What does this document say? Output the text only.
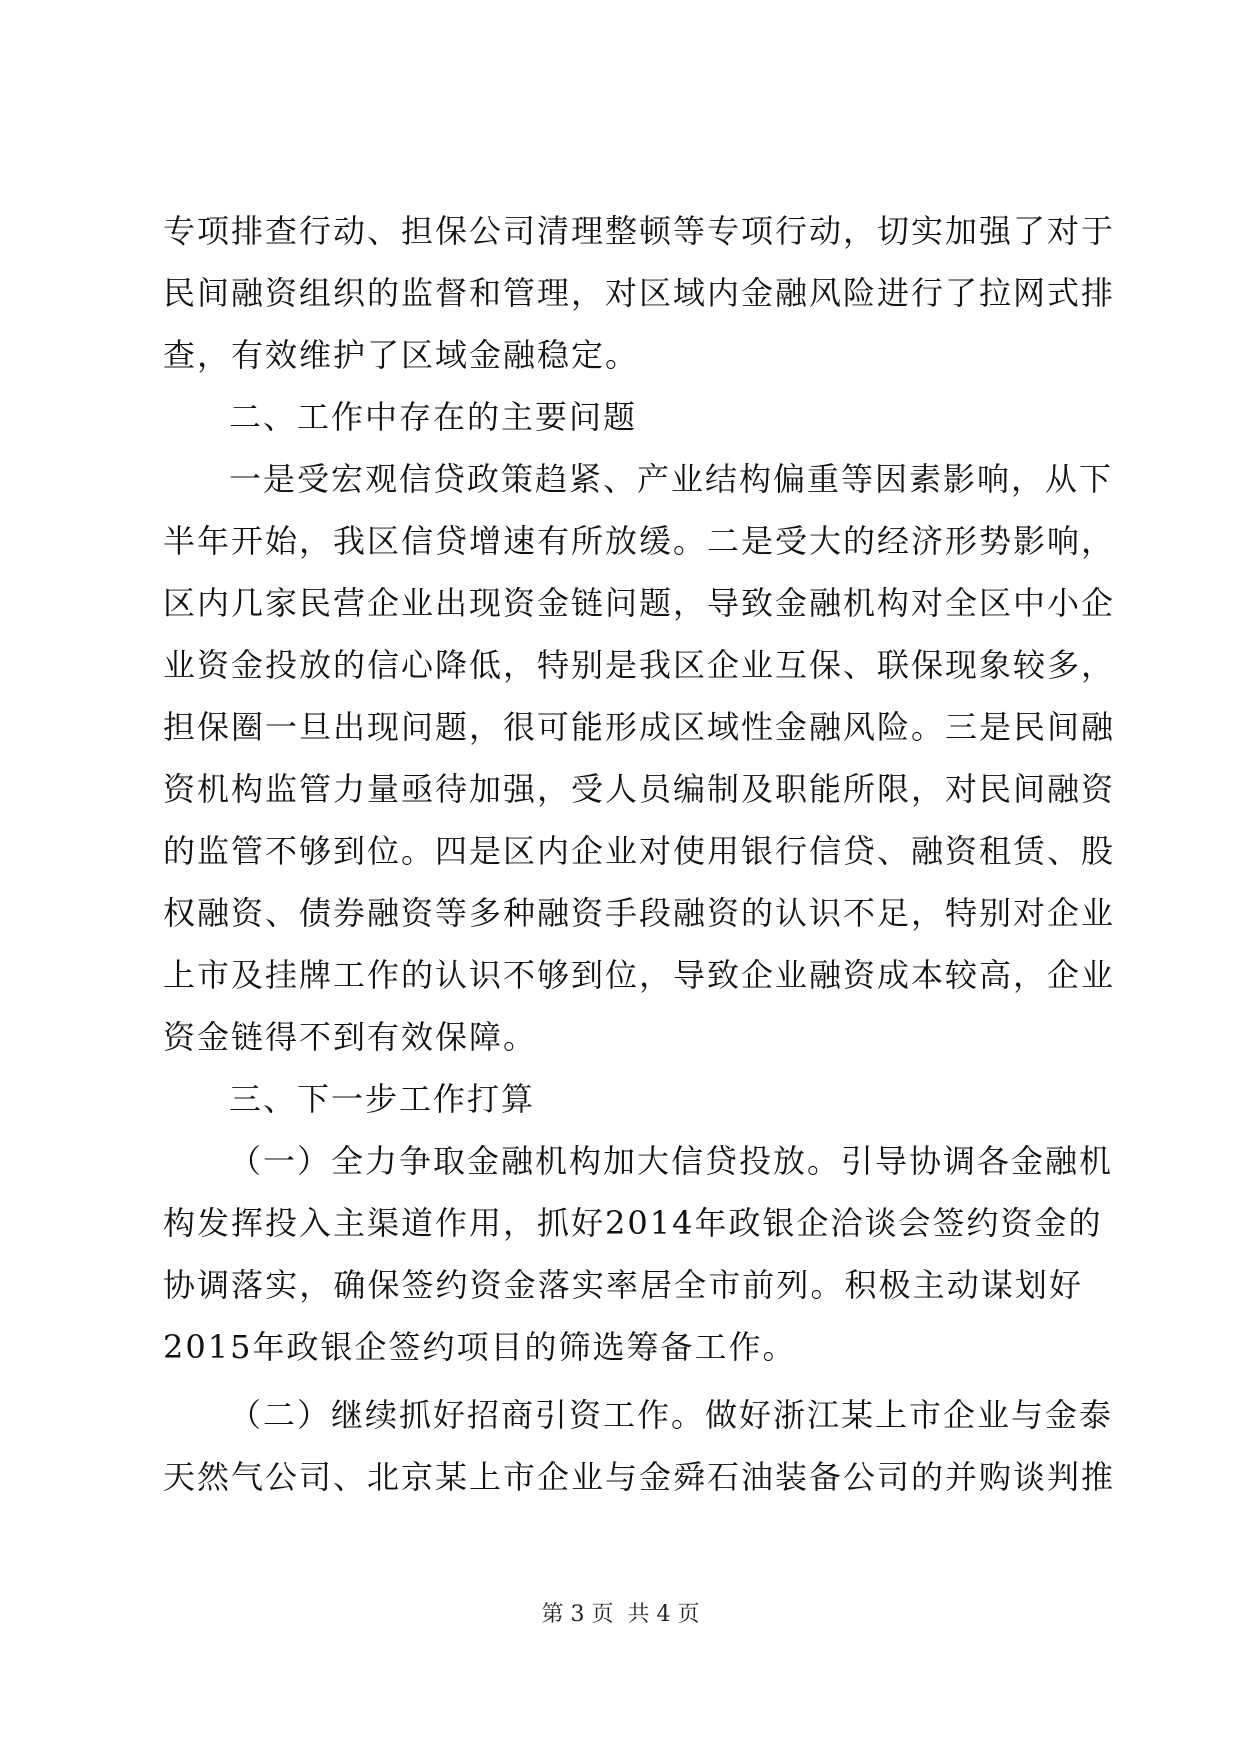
专项排查行动、担保公司清理整顿等专项行动，切实加强了对于
民间融资组织的监督和管理，对区域内金融风险进行了拉网式排
查，有效维护了区域金融稳定。
二、工作中存在的主要问题
一是受宏观信贷政策趋紧、产业结构偏重等因素影响，从下
半年开始，我区信贷增速有所放缓。二是受大的经济形势影响，
区内几家民营企业出现资金链问题，导致金融机构对全区中小企
业资金投放的信心降低，特别是我区企业互保、联保现象较多，
担保圈一旦出现问题，很可能形成区域性金融风险。三是民间融
资机构监管力量亟待加强，受人员编制及职能所限，对民间融资
的监管不够到位。四是区内企业对使用银行信贷、融资租赁、股
权融资、债券融资等多种融资手段融资的认识不足，特别对企业
上市及挂牌工作的认识不够到位，导致企业融资成本较高，企业
资金链得不到有效保障。
三、下一步工作打算
（一）全力争取金融机构加大信贷投放。引导协调各金融机
构发挥投入主渠道作用，抓好2014年政银企洽谈会签约资金的
协调落实，确保签约资金落实率居全市前列。积极主动谋划好
2015年政银企签约项目的筛选筹备工作。
（二）继续抓好招商引资工作。做好浙江某上市企业与金泰
天然气公司、北京某上市企业与金舜石油装备公司的并购谈判推
第 3 页  共 4 页
